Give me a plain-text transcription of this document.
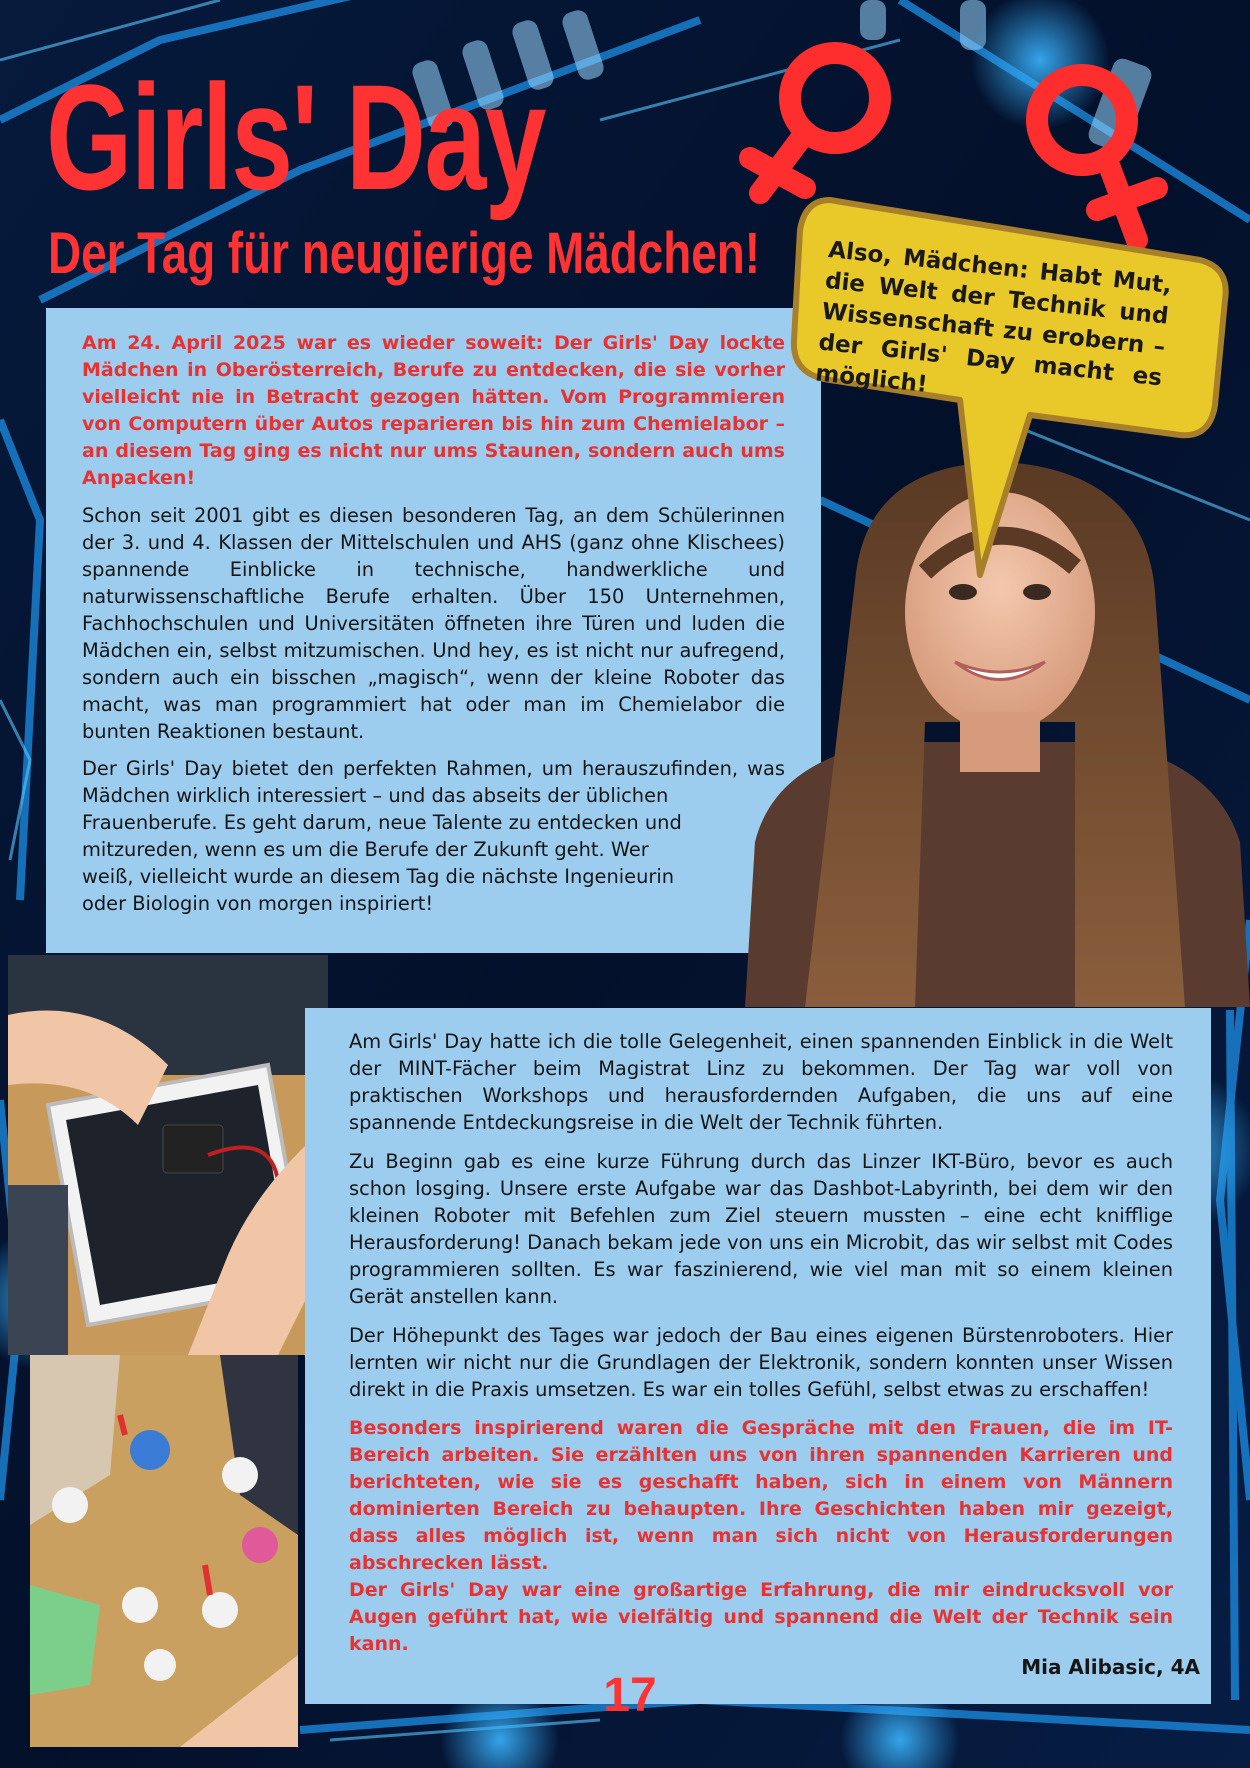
Girls' Day
Der Tag für neugierige Mädchen!

Am 24. April 2025 war es wieder soweit: Der Girls' Day lockte Mädchen in Oberösterreich, Berufe zu entdecken, die sie vorher vielleicht nie in Betracht gezogen hätten. Vom Programmieren von Computern über Autos reparieren bis hin zum Chemielabor – an diesem Tag ging es nicht nur ums Staunen, sondern auch ums Anpacken!

Schon seit 2001 gibt es diesen besonderen Tag, an dem Schülerinnen der 3. und 4. Klassen der Mittelschulen und AHS (ganz ohne Klischees) spannende Einblicke in technische, handwerkliche und naturwissenschaftliche Berufe erhalten. Über 150 Unternehmen, Fachhochschulen und Universitäten öffneten ihre Türen und luden die Mädchen ein, selbst mitzumischen. Und hey, es ist nicht nur aufregend, sondern auch ein bisschen „magisch“, wenn der kleine Roboter das macht, was man programmiert hat oder man im Chemielabor die bunten Reaktionen bestaunt.

Der Girls' Day bietet den perfekten Rahmen, um herauszufinden, was Mädchen wirklich interessiert – und das abseits der üblichen

Frauenberufe. Es geht darum, neue Talente zu entdecken und mitzureden, wenn es um die Berufe der Zukunft geht. Wer weiß, vielleicht wurde an diesem Tag die nächste Ingenieurin oder Biologin von morgen inspiriert!

Also, Mädchen: Habt Mut, die Welt der Technik und Wissenschaft zu erobern – der Girls' Day macht es möglich!

Am Girls' Day hatte ich die tolle Gelegenheit, einen spannenden Einblick in die Welt der MINT-Fächer beim Magistrat Linz zu bekommen. Der Tag war voll von praktischen Workshops und herausfordernden Aufgaben, die uns auf eine spannende Entdeckungsreise in die Welt der Technik führten.

Zu Beginn gab es eine kurze Führung durch das Linzer IKT-Büro, bevor es auch schon losging. Unsere erste Aufgabe war das Dashbot-Labyrinth, bei dem wir den kleinen Roboter mit Befehlen zum Ziel steuern mussten – eine echt knifflige Herausforderung! Danach bekam jede von uns ein Microbit, das wir selbst mit Codes programmieren sollten. Es war faszinierend, wie viel man mit so einem kleinen Gerät anstellen kann.

Der Höhepunkt des Tages war jedoch der Bau eines eigenen Bürstenroboters. Hier lernten wir nicht nur die Grundlagen der Elektronik, sondern konnten unser Wissen direkt in die Praxis umsetzen. Es war ein tolles Gefühl, selbst etwas zu erschaffen!

Besonders inspirierend waren die Gespräche mit den Frauen, die im IT-Bereich arbeiten. Sie erzählten uns von ihren spannenden Karrieren und berichteten, wie sie es geschafft haben, sich in einem von Männern dominierten Bereich zu behaupten. Ihre Geschichten haben mir gezeigt, dass alles möglich ist, wenn man sich nicht von Herausforderungen abschrecken lässt.

Der Girls' Day war eine großartige Erfahrung, die mir eindrucksvoll vor Augen geführt hat, wie vielfältig und spannend die Welt der Technik sein kann.

Mia Alibasic, 4A

17
